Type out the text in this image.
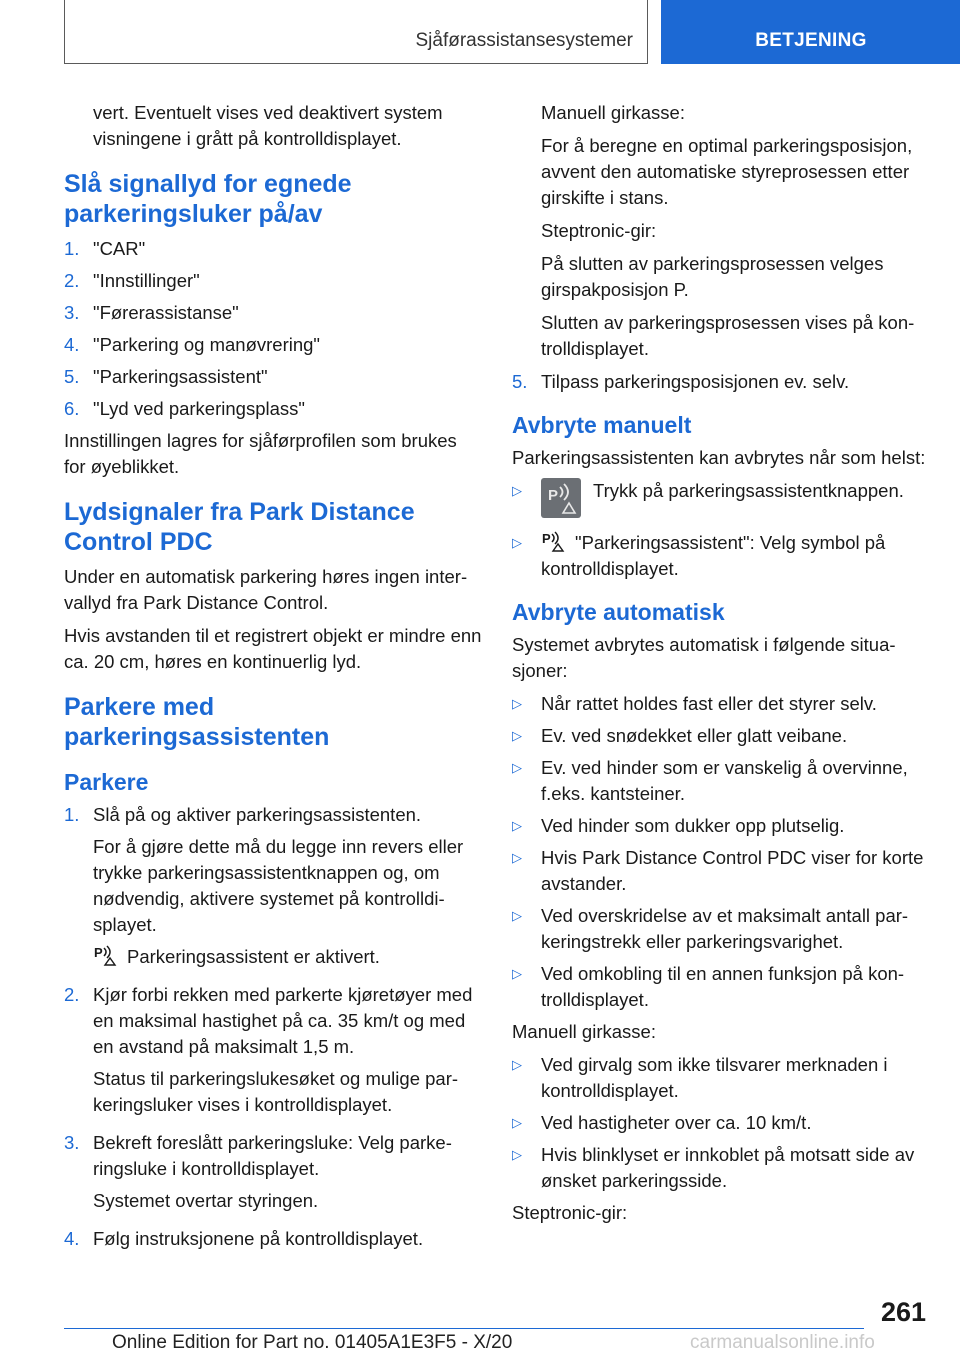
Sjåførassistansesystemer	BETJENING

vert. Eventuelt vises ved deaktivert system visningene i grått på kontrolldisplayet.

Slå signallyd for egnede parkeringsluker på/av
1. "CAR"
2. "Innstillinger"
3. "Førerassistanse"
4. "Parkering og manøvrering"
5. "Parkeringsassistent"
6. "Lyd ved parkeringsplass"

Innstillingen lagres for sjåførprofilen som brukes for øyeblikket.

Lydsignaler fra Park Distance Control PDC

Under en automatisk parkering høres ingen intervallyd fra Park Distance Control.

Hvis avstanden til et registrert objekt er mindre enn ca. 20 cm, høres en kontinuerlig lyd.

Parkere med parkeringsassistenten
Parkere
1. Slå på og aktiver parkeringsassistenten.

For å gjøre dette må du legge inn revers eller trykke parkeringsassistentknappen og, om nødvendig, aktivere systemet på kontrolldisplayet.

P Parkeringsassistent er aktivert.

2. Kjør forbi rekken med parkerte kjøretøyer med en maksimal hastighet på ca. 35 km/t og med en avstand på maksimalt 1,5 m.

Status til parkeringslukesøket og mulige parkeringsluker vises i kontrolldisplayet.

3. Bekreft foreslått parkeringsluke: Velg parkeringsluke i kontrolldisplayet.

Systemet overtar styringen.

4. Følg instruksjonene på kontrolldisplayet.

Manuell girkasse:

For å beregne en optimal parkeringsposisjon, avvent den automatiske styreprosessen etter girskifte i stans.

Steptronic-gir:

På slutten av parkeringsprosessen velges girspakposisjon P.

Slutten av parkeringsprosessen vises på kontrolldisplayet.

5. Tilpass parkeringsposisjonen ev. selv.
Avbryte manuelt

Parkeringsassistenten kan avbrytes når som helst:

▷	P Trykk på parkeringsassistentknappen.
▷	P "Parkeringsassistent": Velg symbol på kontrolldisplayet.
Avbryte automatisk

Systemet avbrytes automatisk i følgende situasjoner:

▷	Når rattet holdes fast eller det styrer selv.
▷	Ev. ved snødekket eller glatt veibane.
▷	Ev. ved hinder som er vanskelig å overvinne, f.eks. kantsteiner.
▷	Ved hinder som dukker opp plutselig.
▷	Hvis Park Distance Control PDC viser for korte avstander.
▷	Ved overskridelse av et maksimalt antall parkeringstrekk eller parkeringsvarighet.
▷	Ved omkobling til en annen funksjon på kontrolldisplayet.

Manuell girkasse:

▷	Ved girvalg som ikke tilsvarer merknaden i kontrolldisplayet.
▷	Ved hastigheter over ca. 10 km/t.
▷	Hvis blinklyset er innkoblet på motsatt side av ønsket parkeringsside.

Steptronic-gir:

261
Online Edition for Part no. 01405A1E3F5 - X/20	carmanualsonline.info
